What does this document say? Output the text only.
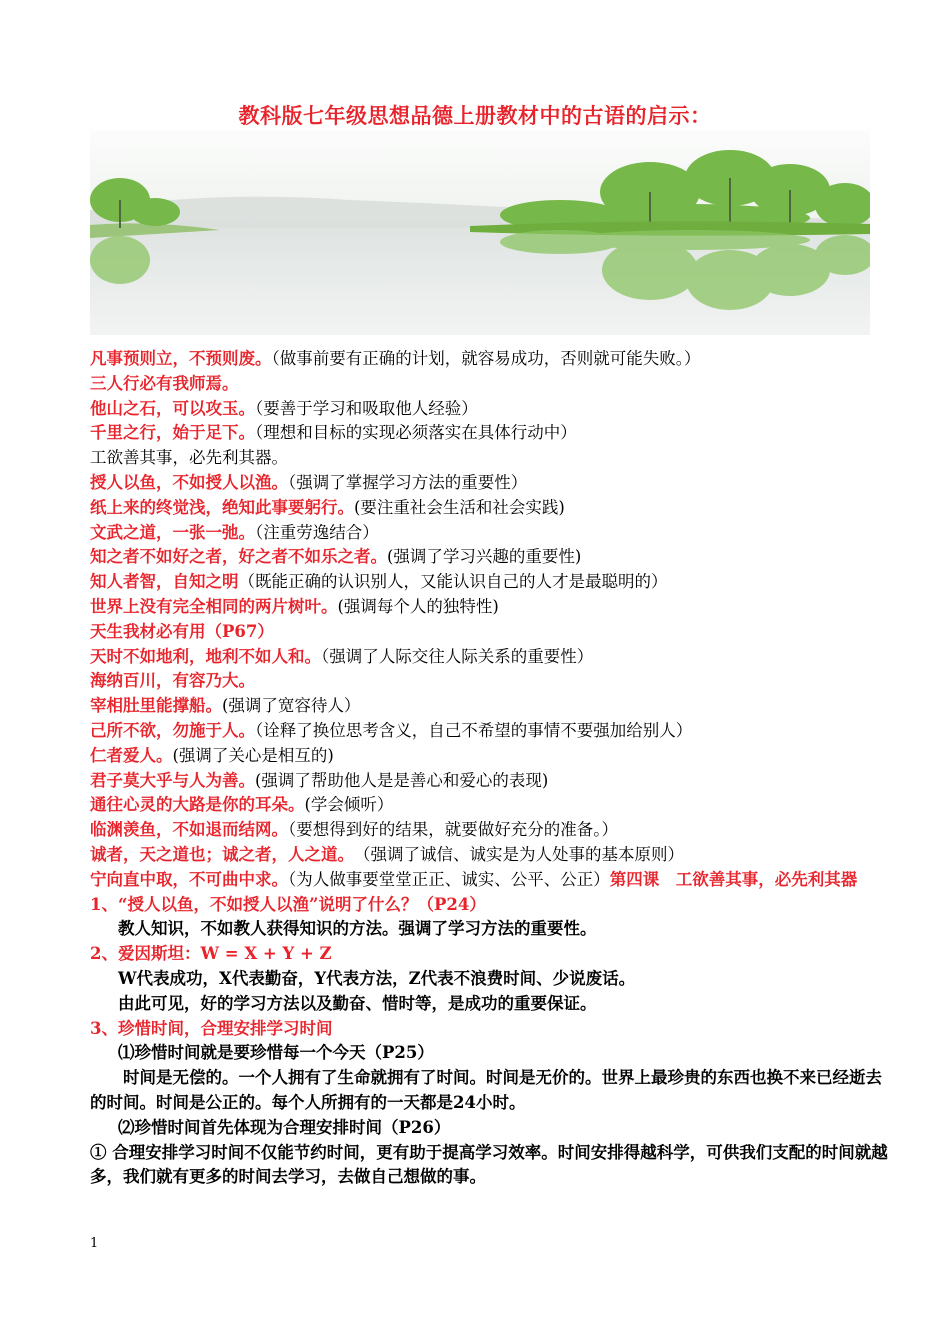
教科版七年级思想品德上册教材中的古语的启示：
凡事预则立，不预则废。（做事前要有正确的计划，就容易成功，否则就可能失败。）
三人行必有我师焉。
他山之石，可以攻玉。（要善于学习和吸取他人经验）
千里之行，始于足下。（理想和目标的实现必须落实在具体行动中）
工欲善其事，必先利其器。
授人以鱼，不如授人以渔。（强调了掌握学习方法的重要性）
纸上来的终觉浅，绝知此事要躬行。(要注重社会生活和社会实践)
文武之道，一张一弛。（注重劳逸结合）
知之者不如好之者，好之者不如乐之者。(强调了学习兴趣的重要性)
知人者智，自知之明（既能正确的认识别人，又能认识自己的人才是最聪明的）
世界上没有完全相同的两片树叶。(强调每个人的独特性)
天生我材必有用（P67）
天时不如地利，地利不如人和。（强调了人际交往人际关系的重要性）
海纳百川，有容乃大。
宰相肚里能撑船。(强调了宽容待人）
己所不欲，勿施于人。（诠释了换位思考含义，自己不希望的事情不要强加给别人）
仁者爱人。(强调了关心是相互的)
君子莫大乎与人为善。(强调了帮助他人是是善心和爱心的表现)
通往心灵的大路是你的耳朵。(学会倾听）
临渊羡鱼，不如退而结网。（要想得到好的结果，就要做好充分的准备。）
诚者，天之道也；诚之者，人之道。　（强调了诚信、诚实是为人处事的基本原则）
宁向直中取，不可曲中求。（为人做事要堂堂正正、诚实、公平、公正）第四课　工欲善其事，必先利其器
1、“授人以鱼，不如授人以渔”说明了什么？（P24）
教人知识，不如教人获得知识的方法。强调了学习方法的重要性。
2、爱因斯坦：W = X + Y + Z
W代表成功，X代表勤奋，Y代表方法，Z代表不浪费时间、少说废话。
由此可见，好的学习方法以及勤奋、惜时等，是成功的重要保证。
3、珍惜时间，合理安排学习时间
⑴珍惜时间就是要珍惜每一个今天（P25）
　　时间是无偿的。一个人拥有了生命就拥有了时间。时间是无价的。世界上最珍贵的东西也换不来已经逝去的时间。时间是公正的。每个人所拥有的一天都是24小时。
⑵珍惜时间首先体现为合理安排时间（P26）
① 合理安排学习时间不仅能节约时间，更有助于提高学习效率。时间安排得越科学，可供我们支配的时间就越多，我们就有更多的时间去学习，去做自己想做的事。
1
